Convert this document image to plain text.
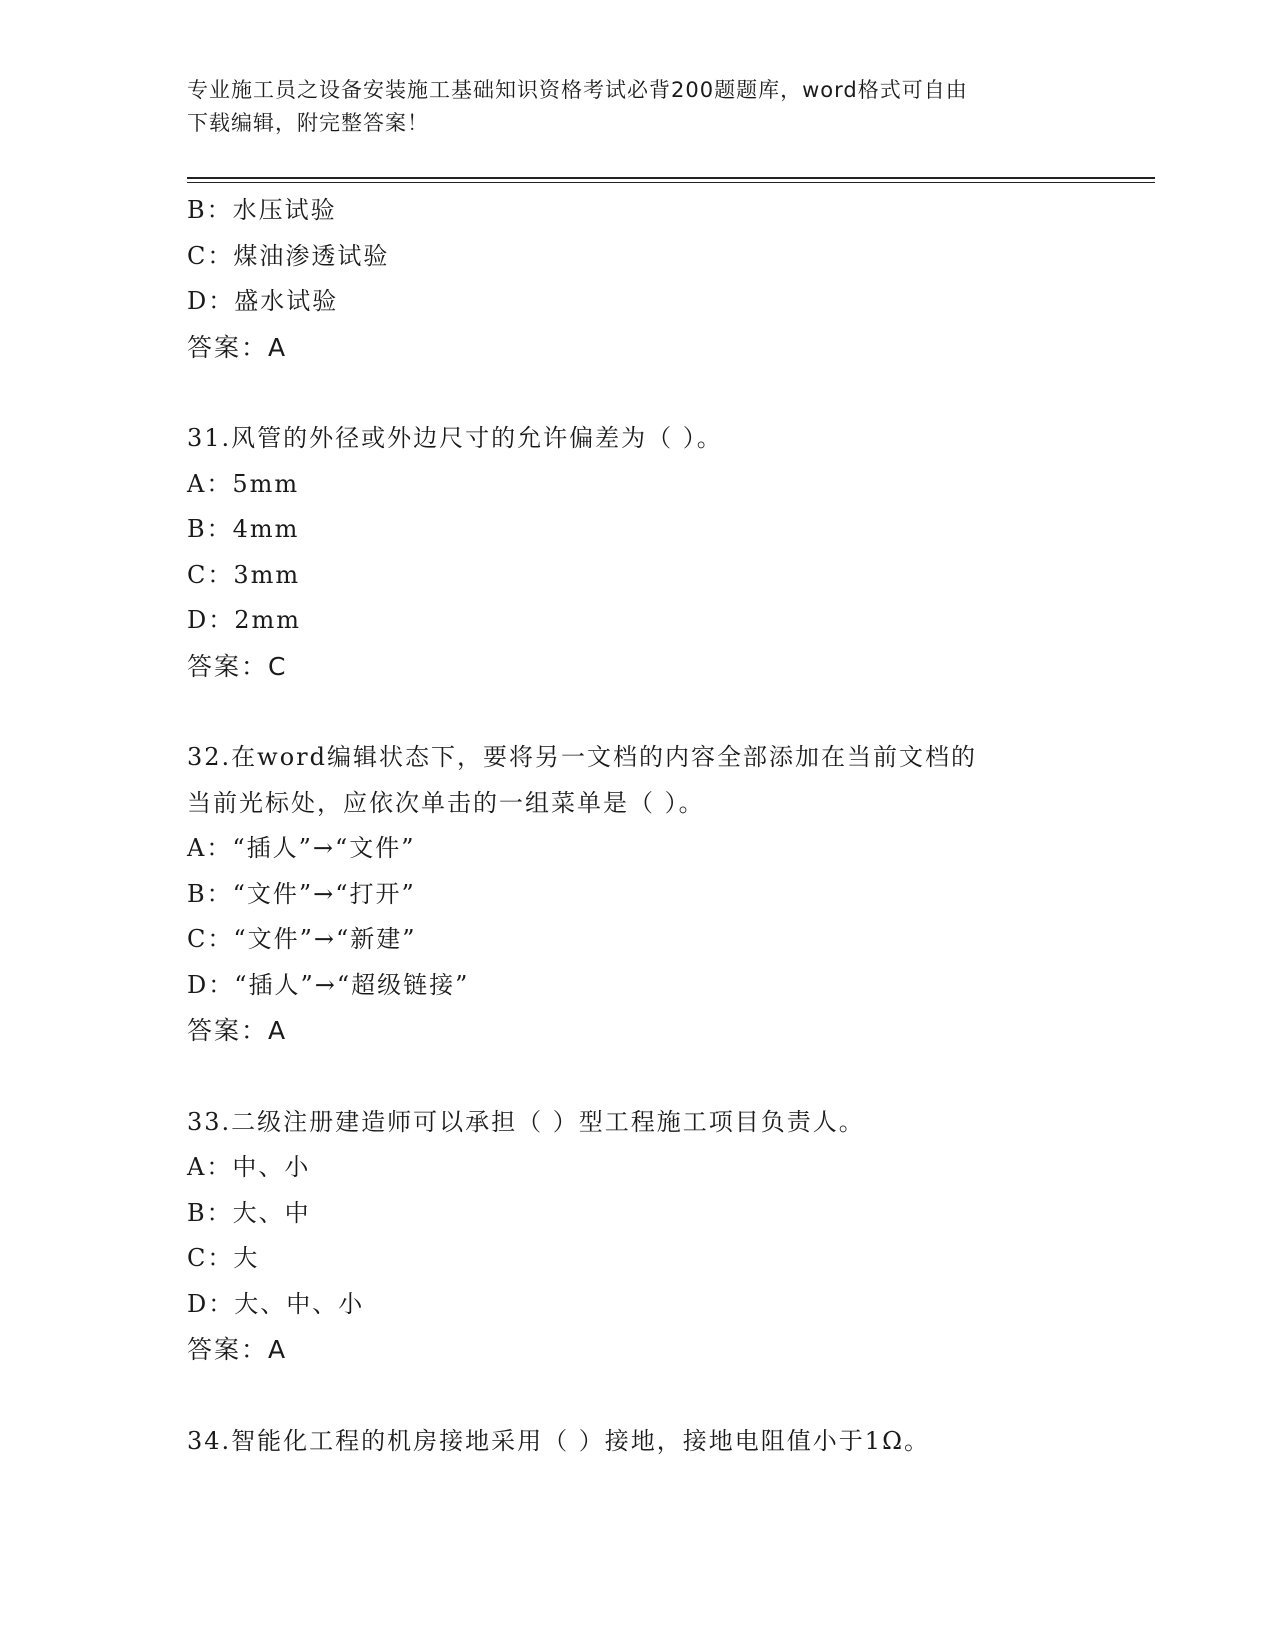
专业施工员之设备安装施工基础知识资格考试必背200题题库，word格式可自由
下载编辑，附完整答案！
B：水压试验
C：煤油渗透试验
D：盛水试验
答案：A
31.风管的外径或外边尺寸的允许偏差为（ ）。
A：5mm
B：4mm
C：3mm
D：2mm
答案：C
32.在word编辑状态下，要将另一文档的内容全部添加在当前文档的
当前光标处，应依次单击的一组菜单是（ ）。
A：“插人”→“文件”
B：“文件”→“打开”
C：“文件”→“新建”
D：“插人”→“超级链接”
答案：A
33.二级注册建造师可以承担（ ）型工程施工项目负责人。
A：中、小
B：大、中
C：大
D：大、中、小
答案：A
34.智能化工程的机房接地采用（ ）接地，接地电阻值小于1Ω。
